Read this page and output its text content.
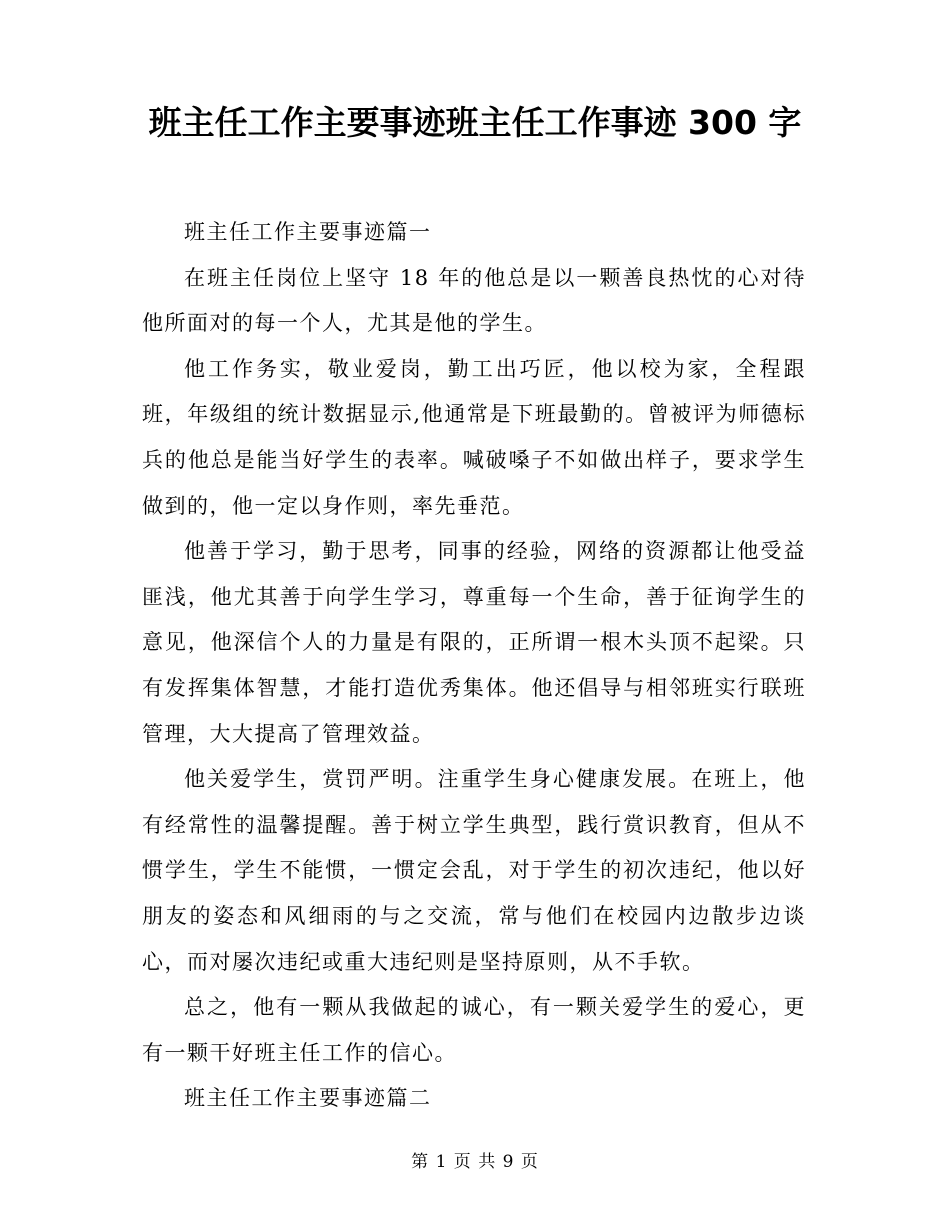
班主任工作主要事迹班主任工作事迹 300 字

班主任工作主要事迹篇一

在班主任岗位上坚守 18 年的他总是以一颗善良热忱的心对待他所面对的每一个人，尤其是他的学生。

他工作务实，敬业爱岗，勤工出巧匠，他以校为家，全程跟班，年级组的统计数据显示,他通常是下班最勤的。曾被评为师德标兵的他总是能当好学生的表率。喊破嗓子不如做出样子，要求学生做到的，他一定以身作则，率先垂范。

他善于学习，勤于思考，同事的经验，网络的资源都让他受益匪浅，他尤其善于向学生学习，尊重每一个生命，善于征询学生的意见，他深信个人的力量是有限的，正所谓一根木头顶不起梁。只有发挥集体智慧，才能打造优秀集体。他还倡导与相邻班实行联班管理，大大提高了管理效益。

他关爱学生，赏罚严明。注重学生身心健康发展。在班上，他有经常性的温馨提醒。善于树立学生典型，践行赏识教育，但从不惯学生，学生不能惯，一惯定会乱，对于学生的初次违纪，他以好朋友的姿态和风细雨的与之交流，常与他们在校园内边散步边谈心，而对屡次违纪或重大违纪则是坚持原则，从不手软。

总之，他有一颗从我做起的诚心，有一颗关爱学生的爱心，更有一颗干好班主任工作的信心。

班主任工作主要事迹篇二

第 1 页 共 9 页
